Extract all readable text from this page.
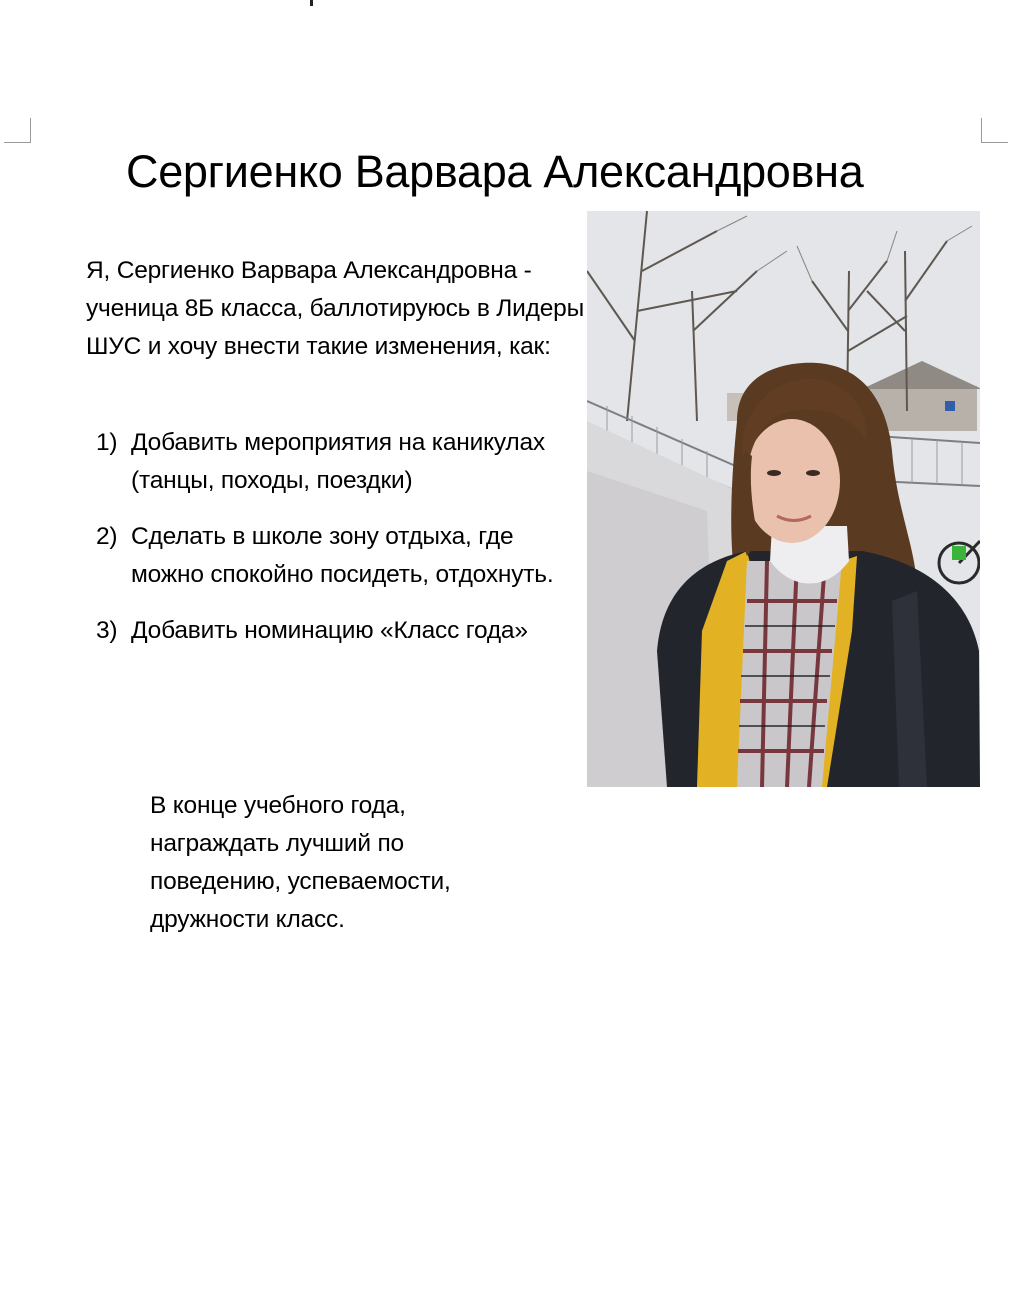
Сергиенко Варвара Александровна
Я, Сергиенко Варвара Александровна - ученица 8Б класса, баллотируюсь в Лидеры ШУС и хочу внести такие изменения, как:
1) Добавить мероприятия на каникулах (танцы, походы, поездки)
2) Сделать в школе зону отдыха, где можно спокойно посидеть, отдохнуть.
3) Добавить номинацию «Класс года»
В конце учебного года, награждать лучший по поведению, успеваемости, дружности класс.
